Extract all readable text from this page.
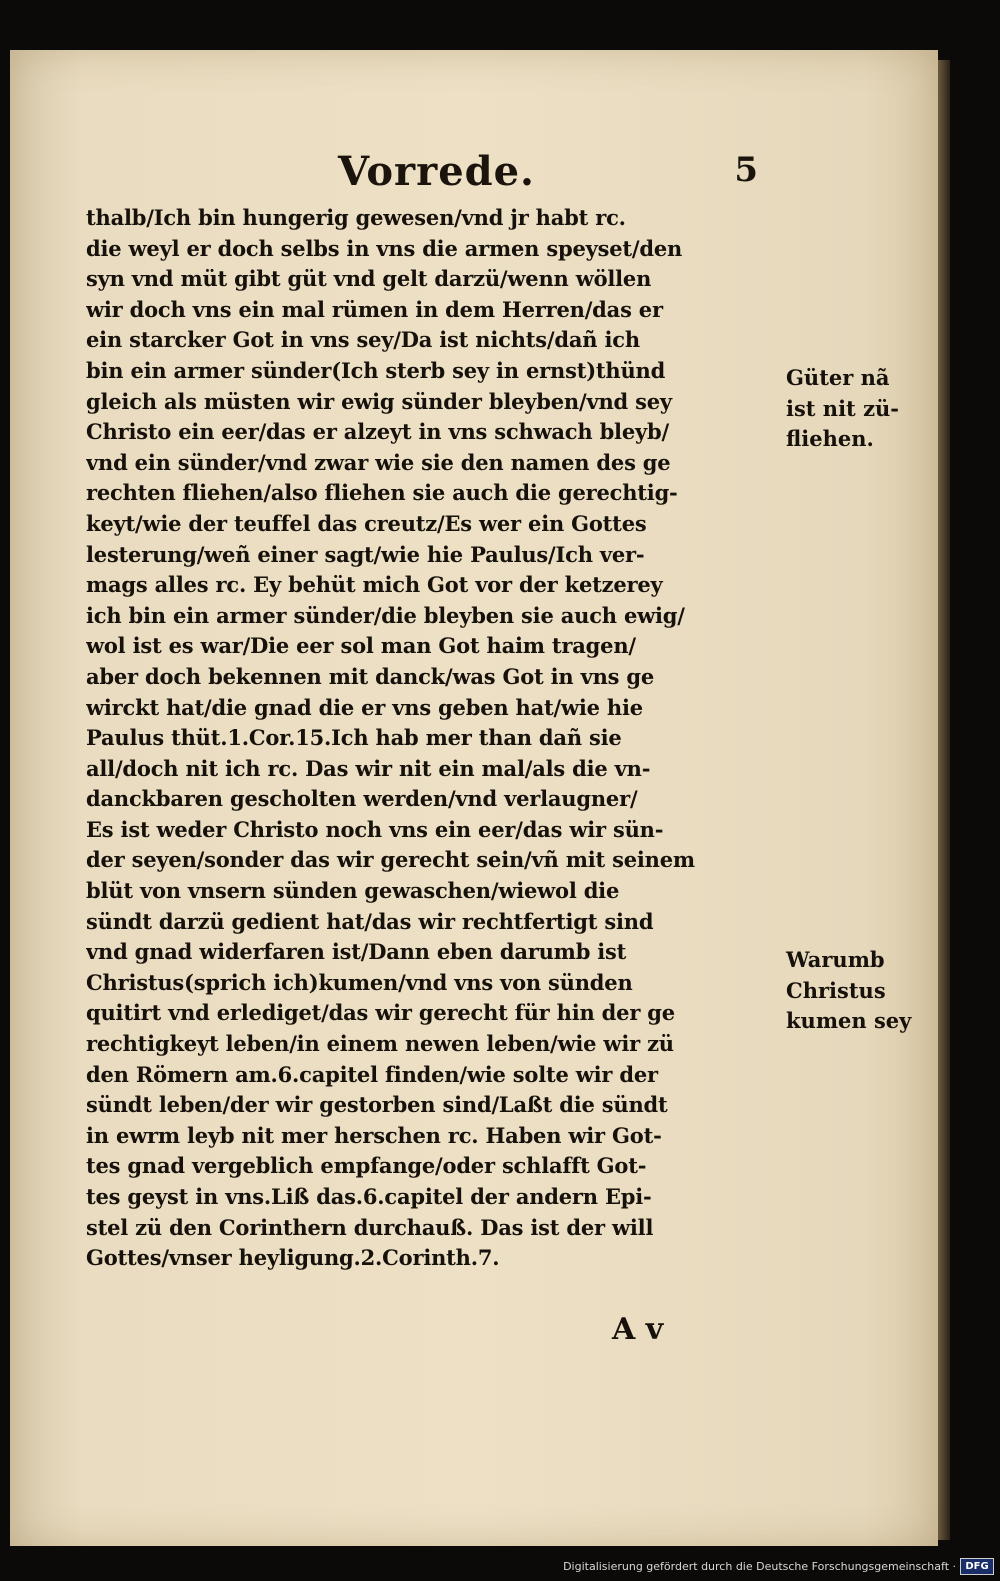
Vorrede.	5
thalb/Ich bin hungerig gewesen/vnd jr habt rc.
die weyl er doch selbs in vns die armen speyset/den
syn vnd müt gibt güt vnd gelt darzü/wenn wöllen
wir doch vns ein mal rümen in dem Herren/das er
ein starcker Got in vns sey/Da ist nichts/dañ ich
bin ein armer sünder(Ich sterb sey in ernst)thünd
gleich als müsten wir ewig sünder bleyben/vnd sey
Christo ein eer/das er alzeyt in vns schwach bleyb/
vnd ein sünder/vnd zwar wie sie den namen des ge
rechten fliehen/also fliehen sie auch die gerechtig-
keyt/wie der teuffel das creutz/Es wer ein Gottes
lesterung/weñ einer sagt/wie hie Paulus/Ich ver-
mags alles rc. Ey behüt mich Got vor der ketzerey
ich bin ein armer sünder/die bleyben sie auch ewig/
wol ist es war/Die eer sol man Got haim tragen/
aber doch bekennen mit danck/was Got in vns ge
wirckt hat/die gnad die er vns geben hat/wie hie
Paulus thüt.1.Cor.15.Ich hab mer than dañ sie
all/doch nit ich rc. Das wir nit ein mal/als die vn-
danckbaren gescholten werden/vnd verlaugner/
Es ist weder Christo noch vns ein eer/das wir sün-
der seyen/sonder das wir gerecht sein/vñ mit seinem
blüt von vnsern sünden gewaschen/wiewol die
sündt darzü gedient hat/das wir rechtfertigt sind
vnd gnad widerfaren ist/Dann eben darumb ist
Christus(sprich ich)kumen/vnd vns von sünden
quitirt vnd erlediget/das wir gerecht für hin der ge
rechtigkeyt leben/in einem newen leben/wie wir zü
den Römern am.6.capitel finden/wie solte wir der
sündt leben/der wir gestorben sind/Laßt die sündt
in ewrm leyb nit mer herschen rc. Haben wir Got-
tes gnad vergeblich empfange/oder schlafft Got-
tes geyst in vns.Liß das.6.capitel der andern Epi-
stel zü den Corinthern durchauß. Das ist der will
Gottes/vnser heyligung.2.Corinth.7.
Güter nã
ist nit zü-
fliehen.
Warumb
Christus
kumen sey
A v
Digitalisierung gefördert durch die Deutsche Forschungsgemeinschaft · DFG
